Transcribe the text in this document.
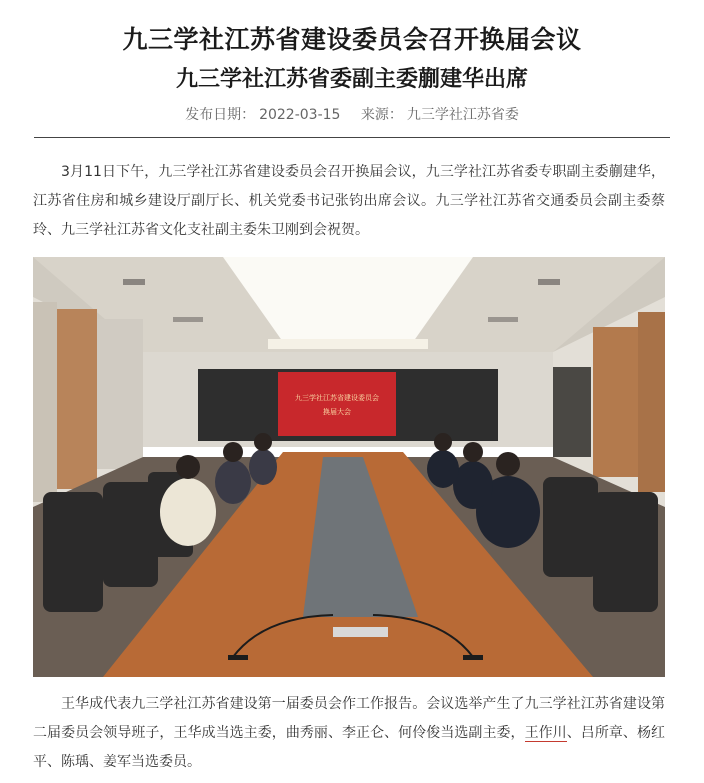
九三学社江苏省建设委员会召开换届会议
九三学社江苏省委副主委蒯建华出席
发布日期： 2022-03-15 来源： 九三学社江苏省委

3月11日下午，九三学社江苏省建设委员会召开换届会议，九三学社江苏省委专职副主委蒯建华，江苏省住房和城乡建设厅副厅长、机关党委书记张钧出席会议。九三学社江苏省交通委员会副主委蔡玲、九三学社江苏省文化支社副主委朱卫刚到会祝贺。

九三学社江苏省建设委员会
换届大会

王华成代表九三学社江苏省建设第一届委员会作工作报告。会议选举产生了九三学社江苏省建设第二届委员会领导班子，王华成当选主委，曲秀丽、李正仑、何伶俊当选副主委，王作川、吕所章、杨红平、陈瑀、姜军当选委员。
